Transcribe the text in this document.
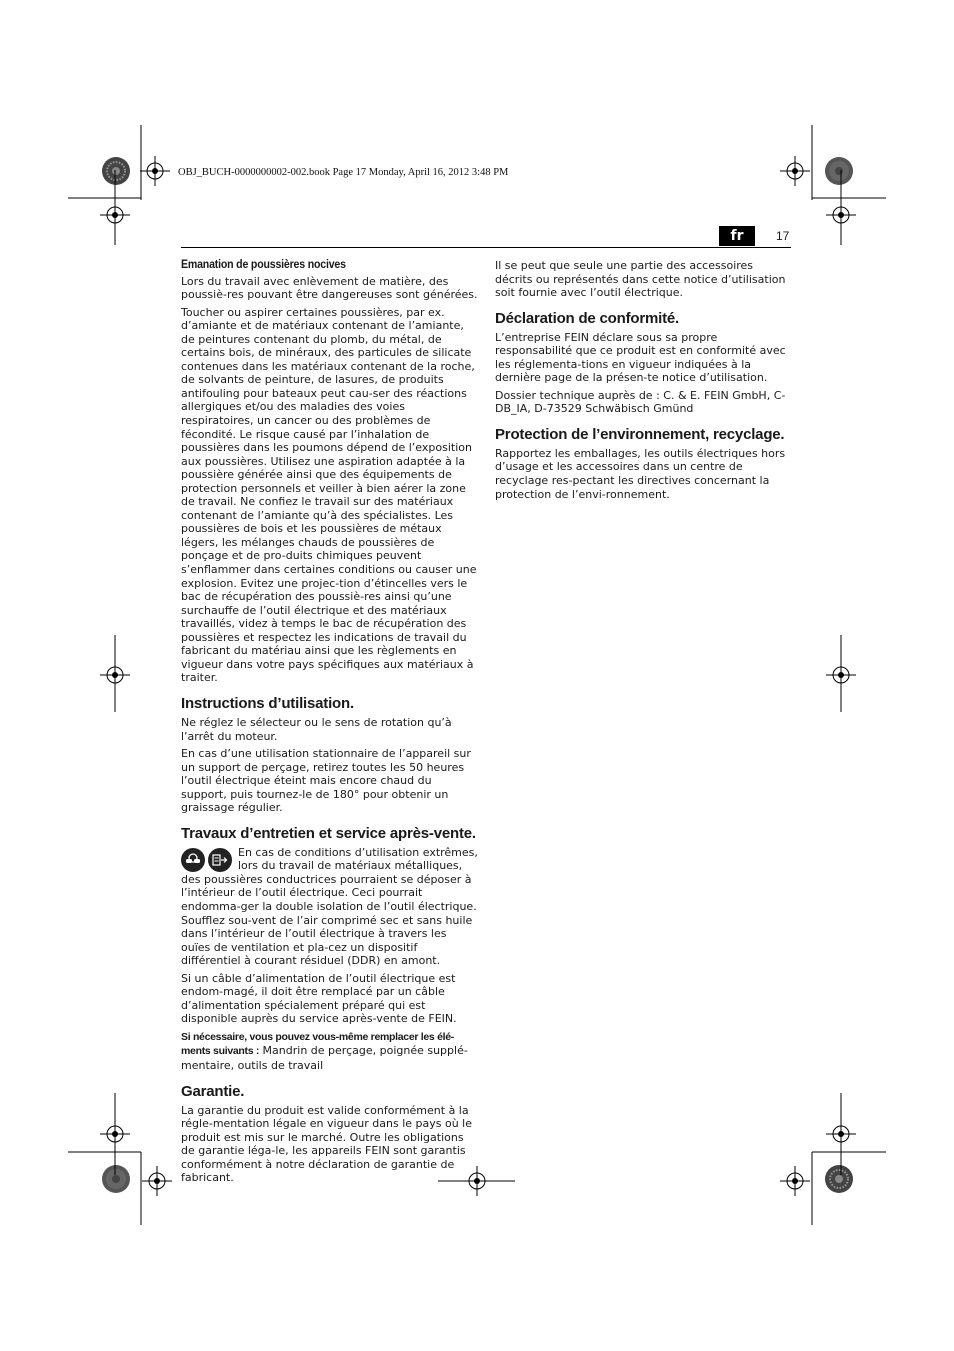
OBJ_BUCH-0000000002-002.book Page 17 Monday, April 16, 2012 3:48 PM
fr	17
Emanation de poussières nocives

Lors du travail avec enlèvement de matière, des poussiè-res pouvant être dangereuses sont générées.

Toucher ou aspirer certaines poussières, par ex. d’amiante et de matériaux contenant de l’amiante, de peintures contenant du plomb, du métal, de certains bois, de minéraux, des particules de silicate contenues dans les matériaux contenant de la roche, de solvants de peinture, de lasures, de produits antifouling pour bateaux peut cau-ser des réactions allergiques et/ou des maladies des voies respiratoires, un cancer ou des problèmes de fécondité. Le risque causé par l’inhalation de poussières dans les poumons dépend de l’exposition aux poussières. Utilisez une aspiration adaptée à la poussière générée ainsi que des équipements de protection personnels et veiller à bien aérer la zone de travail. Ne confiez le travail sur des matériaux contenant de l’amiante qu’à des spécialistes. Les poussières de bois et les poussières de métaux légers, les mélanges chauds de poussières de ponçage et de pro-duits chimiques peuvent s’enflammer dans certaines conditions ou causer une explosion. Evitez une projec-tion d’étincelles vers le bac de récupération des poussiè-res ainsi qu’une surchauffe de l’outil électrique et des matériaux travaillés, videz à temps le bac de récupération des poussières et respectez les indications de travail du fabricant du matériau ainsi que les règlements en vigueur dans votre pays spécifiques aux matériaux à traiter.

Instructions d’utilisation.

Ne réglez le sélecteur ou le sens de rotation qu’à l’arrêt du moteur.

En cas d’une utilisation stationnaire de l’appareil sur un support de perçage, retirez toutes les 50 heures l’outil électrique éteint mais encore chaud du support, puis tournez-le de 180° pour obtenir un graissage régulier.

Travaux d’entretien et service après-vente.

En cas de conditions d’utilisation extrêmes, lors du travail de matériaux métalliques, des poussières conductrices pourraient se déposer à l’intérieur de l’outil électrique. Ceci pourrait endomma-ger la double isolation de l’outil électrique. Soufflez sou-vent de l’air comprimé sec et sans huile dans l’intérieur de l’outil électrique à travers les ouïes de ventilation et pla-cez un dispositif différentiel à courant résiduel (DDR) en amont.

Si un câble d’alimentation de l’outil électrique est endom-magé, il doit être remplacé par un câble d’alimentation spécialement préparé qui est disponible auprès du service après-vente de FEIN.

Si nécessaire, vous pouvez vous-même remplacer les élé-ments suivants : Mandrin de perçage, poignée supplé-mentaire, outils de travail

Garantie.

La garantie du produit est valide conformément à la régle-mentation légale en vigueur dans le pays où le produit est mis sur le marché. Outre les obligations de garantie léga-le, les appareils FEIN sont garantis conformément à notre déclaration de garantie de fabricant.

Il se peut que seule une partie des accessoires décrits ou représentés dans cette notice d’utilisation soit fournie avec l’outil électrique.

Déclaration de conformité.

L’entreprise FEIN déclare sous sa propre responsabilité que ce produit est en conformité avec les réglementa-tions en vigueur indiquées à la dernière page de la présen-te notice d’utilisation.

Dossier technique auprès de : C. & E. FEIN GmbH, C-DB_IA, D-73529 Schwäbisch Gmünd

Protection de l’environnement, recyclage.

Rapportez les emballages, les outils électriques hors d’usage et les accessoires dans un centre de recyclage res-pectant les directives concernant la protection de l’envi-ronnement.
